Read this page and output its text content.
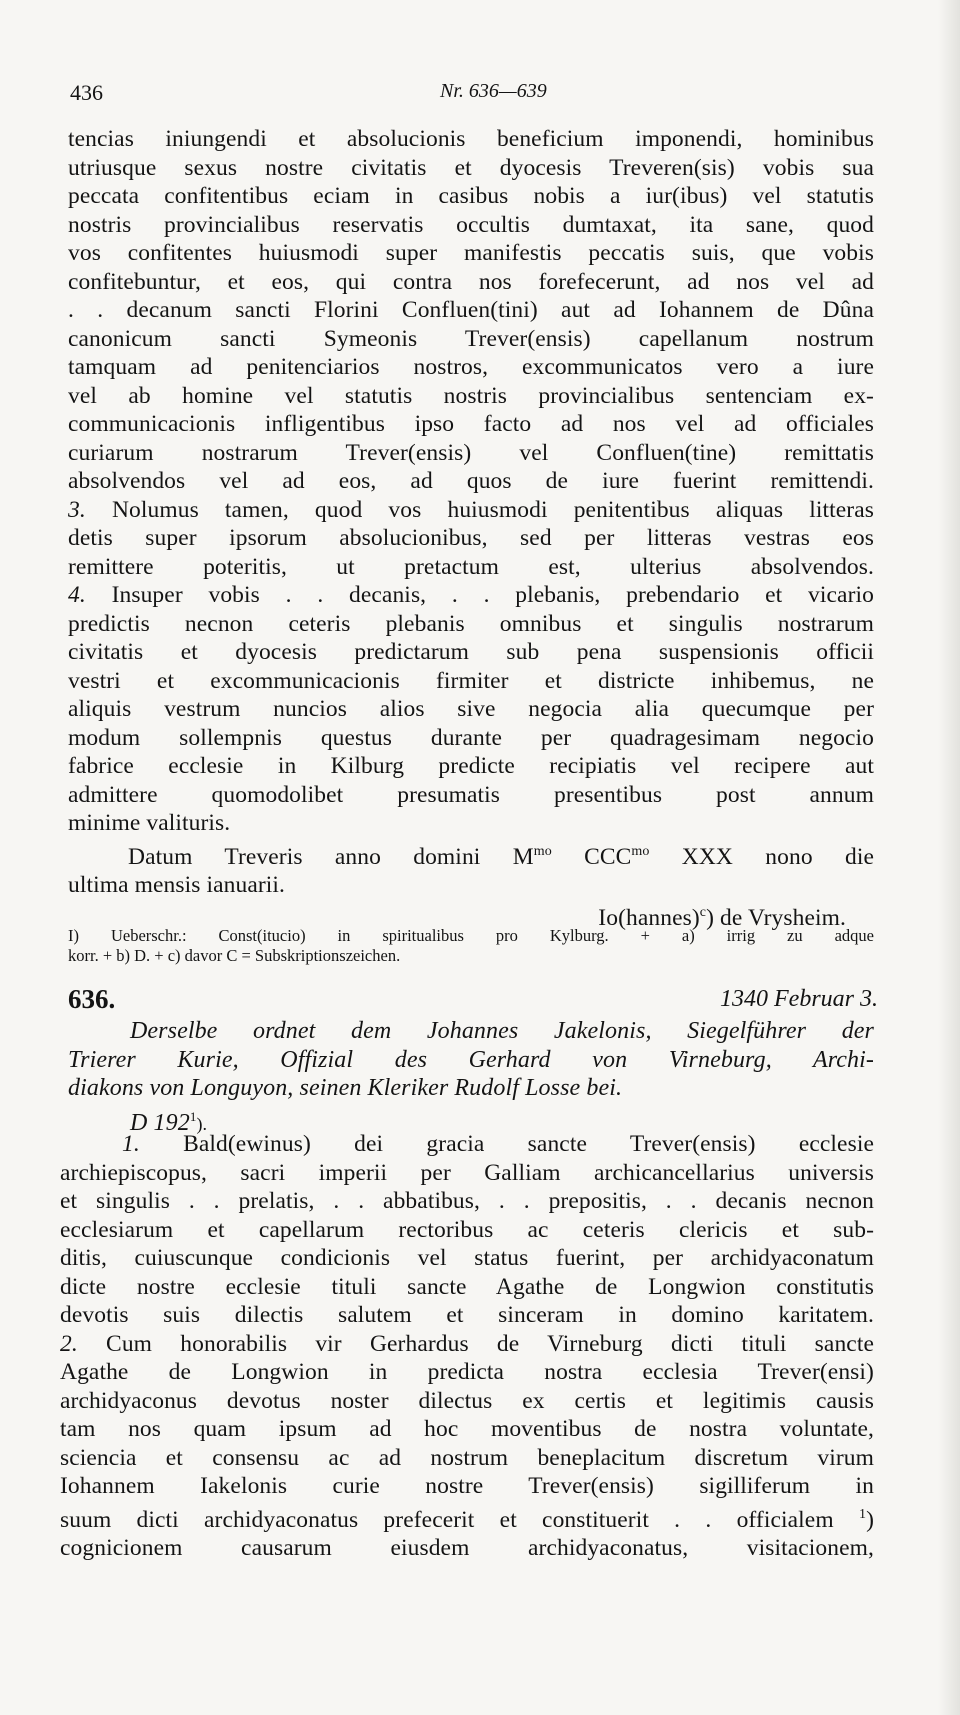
436	Nr. 636—639
tencias iniungendi et absolucionis beneficium imponendi, hominibus
utriusque sexus nostre civitatis et dyocesis Treveren(sis) vobis sua
peccata confitentibus eciam in casibus nobis a iur(ibus) vel statutis
nostris provincialibus reservatis occultis dumtaxat, ita sane, quod
vos confitentes huiusmodi super manifestis peccatis suis, que vobis
confitebuntur, et eos, qui contra nos forefecerunt, ad nos vel ad
. . decanum sancti Florini Confluen(tini) aut ad Iohannem de Dûna
canonicum sancti Symeonis Trever(ensis) capellanum nostrum
tamquam ad penitenciarios nostros, excommunicatos vero a iure
vel ab homine vel statutis nostris provincialibus sentenciam ex-
communicacionis infligentibus ipso facto ad nos vel ad officiales
curiarum nostrarum Trever(ensis) vel Confluen(tine) remittatis
absolvendos vel ad eos, ad quos de iure fuerint remittendi.
3. Nolumus tamen, quod vos huiusmodi penitentibus aliquas litteras
detis super ipsorum absolucionibus, sed per litteras vestras eos
remittere poteritis, ut pretactum est, ulterius absolvendos.
4. Insuper vobis . . decanis, . . plebanis, prebendario et vicario
predictis necnon ceteris plebanis omnibus et singulis nostrarum
civitatis et dyocesis predictarum sub pena suspensionis officii
vestri et excommunicacionis firmiter et districte inhibemus, ne
aliquis vestrum nuncios alios sive negocia alia quecumque per
modum sollempnis questus durante per quadragesimam negocio
fabrice ecclesie in Kilburg predicte recipiatis vel recipere aut
admittere quomodolibet presumatis presentibus post annum
minime valituris.
Datum Treveris anno domini $M^{mo}$ $CCC^{mo}$ XXX nono die
ultima mensis ianuarii.
Io(hannes)$^c$) de Vrysheim.
I) Ueberschr.: Const(itucio) in spiritualibus pro Kylburg. + a) irrig zu adque
korr. + b) D. + c) davor C = Subskriptionszeichen.
636.	1340 Februar 3.
Derselbe ordnet dem Johannes Jakelonis, Siegelführer der
Trierer Kurie, Offizial des Gerhard von Virneburg, Archi-
diakons von Longuyon, seinen Kleriker Rudolf Losse bei.
D $192^1$).
1. Bald(ewinus) dei gracia sancte Trever(ensis) ecclesie
archiepiscopus, sacri imperii per Galliam archicancellarius universis
et singulis . . prelatis, . . abbatibus, . . prepositis, . . decanis necnon
ecclesiarum et capellarum rectoribus ac ceteris clericis et sub-
ditis, cuiuscunque condicionis vel status fuerint, per archidyaconatum
dicte nostre ecclesie tituli sancte Agathe de Longwion constitutis
devotis suis dilectis salutem et sinceram in domino karitatem.
2. Cum honorabilis vir Gerhardus de Virneburg dicti tituli sancte
Agathe de Longwion in predicta nostra ecclesia Trever(ensi)
archidyaconus devotus noster dilectus ex certis et legitimis causis
tam nos quam ipsum ad hoc moventibus de nostra voluntate,
sciencia et consensu ac ad nostrum beneplacitum discretum virum
Iohannem Iakelonis curie nostre Trever(ensis) sigilliferum in
suum dicti archidyaconatus prefecerit et constituerit . . officialem $^1$)
cognicionem causarum eiusdem archidyaconatus, visitacionem,
